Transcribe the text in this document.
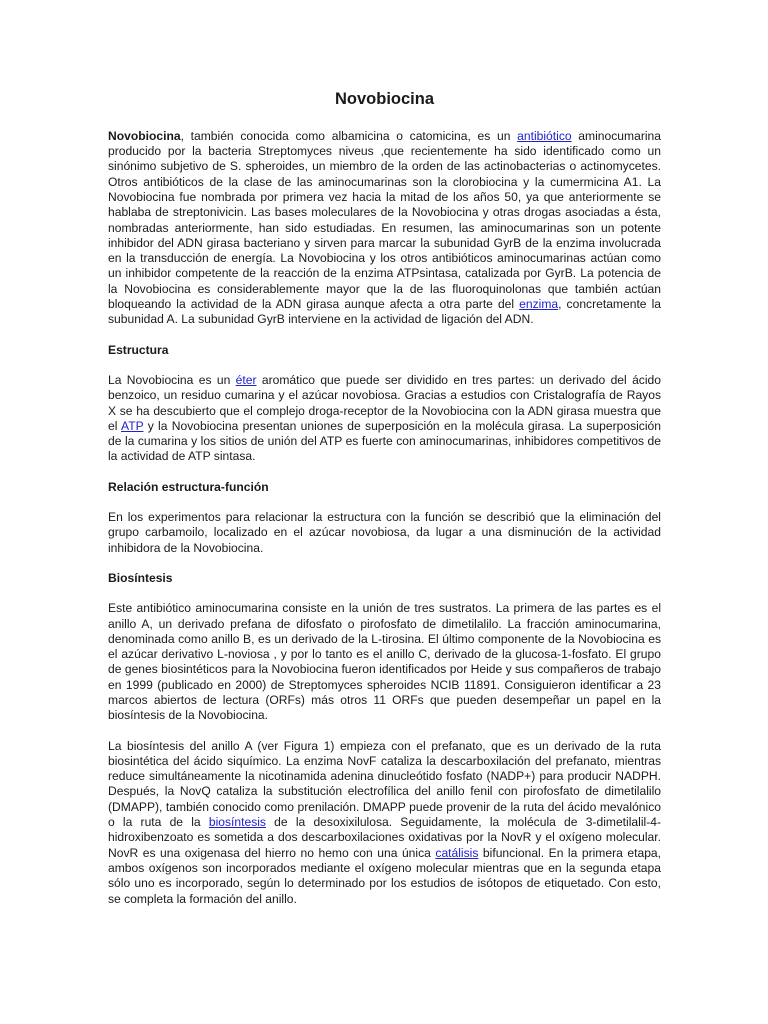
Novobiocina

Novobiocina, también conocida como albamicina o catomicina, es un antibiótico aminocumarina producido por la bacteria Streptomyces niveus ,que recientemente ha sido identificado como un sinónimo subjetivo de S. spheroides, un miembro de la orden de las actinobacterias o actinomycetes. Otros antibióticos de la clase de las aminocumarinas son la clorobiocina y la cumermicina A1. La Novobiocina fue nombrada por primera vez hacia la mitad de los años 50, ya que anteriormente se hablaba de streptonivicin. Las bases moleculares de la Novobiocina y otras drogas asociadas a ésta, nombradas anteriormente, han sido estudiadas. En resumen, las aminocumarinas son un potente inhibidor del ADN girasa bacteriano y sirven para marcar la subunidad GyrB de la enzima involucrada en la transducción de energía. La Novobiocina y los otros antibióticos aminocumarinas actúan como un inhibidor competente de la reacción de la enzima ATPsintasa, catalizada por GyrB. La potencia de la Novobiocina es considerablemente mayor que la de las fluoroquinolonas que también actúan bloqueando la actividad de la ADN girasa aunque afecta a otra parte del enzima, concretamente la subunidad A. La subunidad GyrB interviene en la actividad de ligación del ADN.

Estructura

La Novobiocina es un éter aromático que puede ser dividido en tres partes: un derivado del ácido benzoico, un residuo cumarina y el azúcar novobiosa. Gracias a estudios con Cristalografía de Rayos X se ha descubierto que el complejo droga-receptor de la Novobiocina con la ADN girasa muestra que el ATP y la Novobiocina presentan uniones de superposición en la molécula girasa. La superposición de la cumarina y los sitios de unión del ATP es fuerte con aminocumarinas, inhibidores competitivos de la actividad de ATP sintasa.

Relación estructura-función

En los experimentos para relacionar la estructura con la función se describió que la eliminación del grupo carbamoilo, localizado en el azúcar novobiosa, da lugar a una disminución de la actividad inhibidora de la Novobiocina.

Biosíntesis

Este antibiótico aminocumarina consiste en la unión de tres sustratos. La primera de las partes es el anillo A, un derivado prefana de difosfato o pirofosfato de dimetilalilo. La fracción aminocumarina, denominada como anillo B, es un derivado de la L-tirosina. El último componente de la Novobiocina es el azúcar derivativo L-noviosa , y por lo tanto es el anillo C, derivado de la glucosa-1-fosfato. El grupo de genes biosintéticos para la Novobiocina fueron identificados por Heide y sus compañeros de trabajo en 1999 (publicado en 2000) de Streptomyces spheroides NCIB 11891. Consiguieron identificar a 23 marcos abiertos de lectura (ORFs) más otros 11 ORFs que pueden desempeñar un papel en la biosíntesis de la Novobiocina.

La biosíntesis del anillo A (ver Figura 1) empieza con el prefanato, que es un derivado de la ruta biosintética del ácido siquímico. La enzima NovF cataliza la descarboxilación del prefanato, mientras reduce simultáneamente la nicotinamida adenina dinucleótido fosfato (NADP+) para producir NADPH. Después, la NovQ cataliza la substitución electrofílica del anillo fenil con pirofosfato de dimetilalilo (DMAPP), también conocido como prenilación. DMAPP puede provenir de la ruta del ácido mevalónico o la ruta de la biosíntesis de la desoxixilulosa. Seguidamente, la molécula de 3-dimetilalil-4-hidroxibenzoato es sometida a dos descarboxilaciones oxidativas por la NovR y el oxígeno molecular. NovR es una oxigenasa del hierro no hemo con una única catálisis bifuncional. En la primera etapa, ambos oxígenos son incorporados mediante el oxígeno molecular mientras que en la segunda etapa sólo uno es incorporado, según lo determinado por los estudios de isótopos de etiquetado. Con esto, se completa la formación del anillo.
